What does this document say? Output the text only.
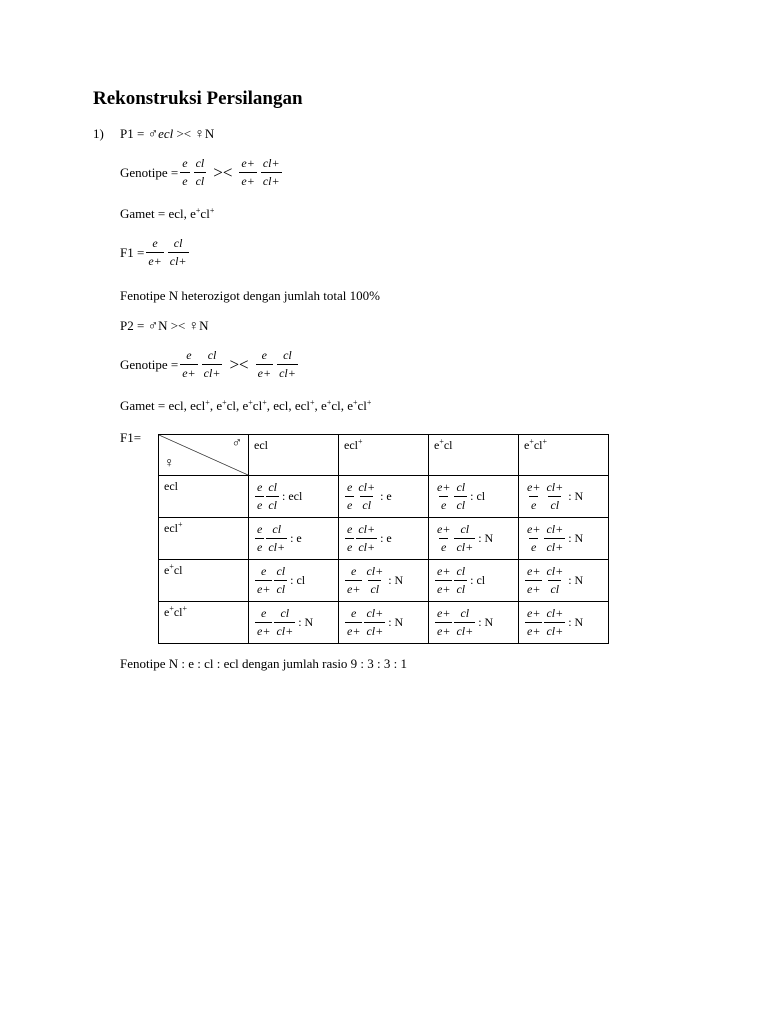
Rekonstruksi Persilangan
1) P1 = ♂ecl >< ♀N
Genotipe = $\frac{e}{e} \frac{cl}{cl} >< \frac{e+}{e+} \frac{cl+}{cl+}$
Gamet = ecl, e+cl+
$F1 = \frac{e}{e+} \frac{cl}{cl+}$
Fenotipe N heterozigot dengan jumlah total 100%
P2 = ♂N >< ♀N
Genotipe = $\frac{e}{e+} \frac{cl}{cl+} >< \frac{e}{e+} \frac{cl}{cl+}$
Gamet = ecl, ecl+, e+cl, e+cl+, ecl, ecl+, e+cl, e+cl+
F1=	♂
♀	ecl	ecl+	e+cl	e+cl+
ecl	$\frac{e}{e} \frac{cl}{cl}$ : ecl	$\frac{e}{e} \frac{cl+}{cl}$ : e	$\frac{e+}{e} \frac{cl}{cl}$ : cl	$\frac{e+}{e} \frac{cl+}{cl}$ : N

ecl+	$\frac{e}{e} \frac{cl}{cl+}$ : e	$\frac{e}{e} \frac{cl+}{cl+}$ : e	$\frac{e+}{e} \frac{cl}{cl+}$ : N	$\frac{e+}{e} \frac{cl+}{cl+}$ : N

e+cl	$\frac{e}{e+} \frac{cl}{cl}$ : cl	$\frac{e}{e+} \frac{cl+}{cl}$ : N	$\frac{e+}{e+} \frac{cl}{cl}$ : cl	$\frac{e+}{e+} \frac{cl+}{cl}$ : N

e+cl+	$\frac{e}{e+} \frac{cl}{cl+}$ : N	$\frac{e}{e+} \frac{cl+}{cl+}$ : N	$\frac{e+}{e+} \frac{cl}{cl+}$ : N	$\frac{e+}{e+} \frac{cl+}{cl+}$ : N
Fenotipe N : e : cl : ecl dengan jumlah rasio 9 : 3 : 3 : 1
